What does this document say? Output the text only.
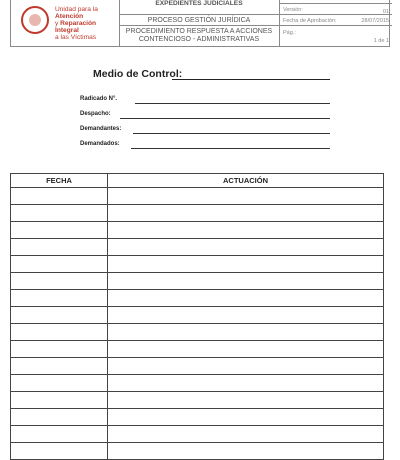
Unidad para la Atención
y Reparación Integral
a las Víctimas
EXPEDIENTES JUDICIALES
PROCESO GESTIÓN JURÍDICA
PROCEDIMIENTO RESPUESTA A ACCIONES
CONTENCIOSO - ADMINISTRATIVAS
Versión:	01
Fecha de Aprobación:	28/07/2015
Pág.:
1 de 1
Medio de Control:
Radicado N°.
Despacho:
Demandantes:
Demandados:
FECHA	ACTUACIÓN
